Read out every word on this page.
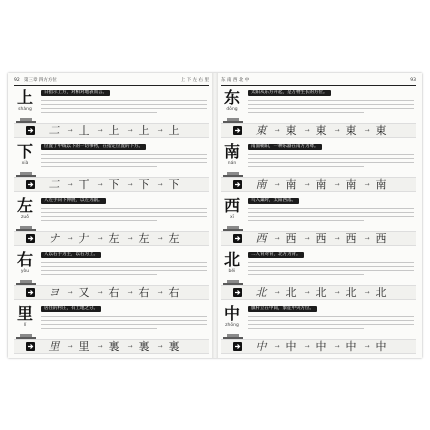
92 第三章 四方方位	上 下 左 右 里
上
shàng
日指示上方，对相对地表而言。
二	→ 丄	→ 上	→ 上	→ 上
下
xià
位置于中线以下的一切事物，在指定位置的下方。
二	→ 丅	→ 下	→ 下	→ 下
左
zuǒ
人左手向下伸展，以左为副。
ナ	→ 𠂇	→ 左	→ 左	→ 左
右
yòu
人以右手为主，以右为上。
ヨ	→ 又	→ 右	→ 右	→ 右
里
lǐ
居住的村庄，有土地之分。
里	→ 里	→ 裏	→ 裏	→ 裏
东 南 西 北 中	93
东
dōng
太阳从东方升起，是万物生长的方位。
東	→ 東	→ 東	→ 東	→ 東
南
nán
南面朝阳，一种乐器在南方为尊。
南	→ 南	→ 南	→ 南	→ 南
西
xī
鸟入巢时，太阳西落。
西	→ 西	→ 西	→ 西	→ 西
北
běi
二人背对背，北方为背。
北	→ 北	→ 北	→ 北	→ 北
中
zhōng
旗杆立在中间，象征中央方位。
中	→ 中	→ 中	→ 中	→ 中
